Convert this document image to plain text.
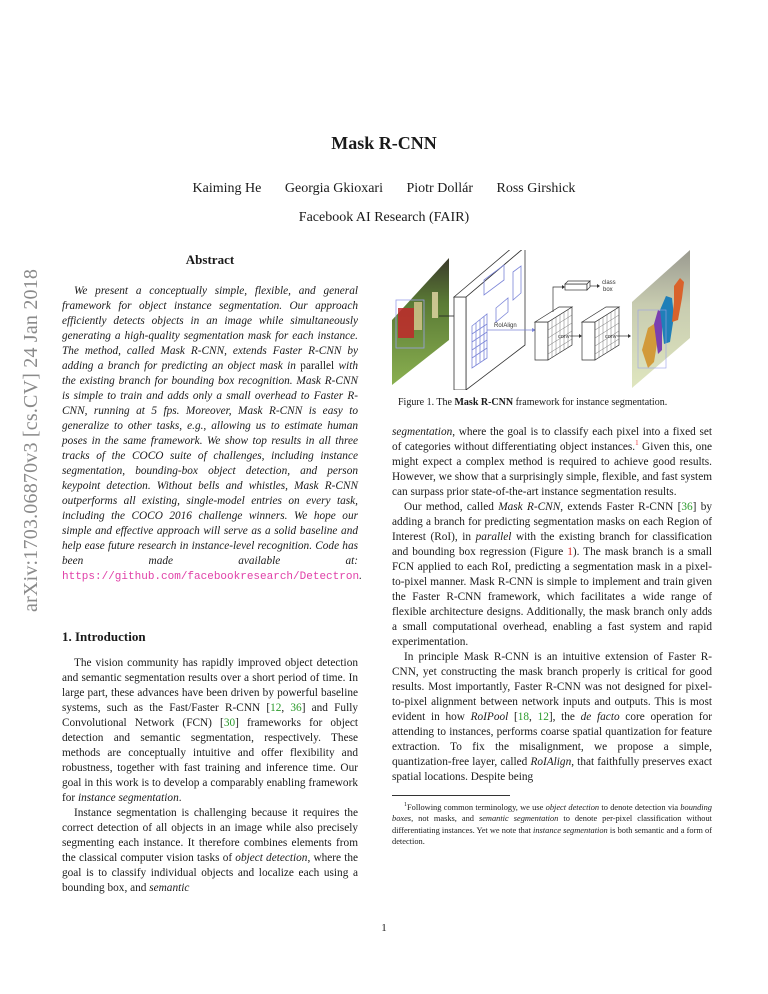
Mask R-CNN
Kaiming He Georgia Gkioxari Piotr Dollár Ross Girshick
Facebook AI Research (FAIR)
arXiv:1703.06870v3 [cs.CV] 24 Jan 2018
Abstract

We present a conceptually simple, flexible, and general framework for object instance segmentation. Our approach efficiently detects objects in an image while simultaneously generating a high-quality segmentation mask for each instance. The method, called Mask R-CNN, extends Faster R-CNN by adding a branch for predicting an object mask in parallel with the existing branch for bounding box recognition. Mask R-CNN is simple to train and adds only a small overhead to Faster R-CNN, running at 5 fps. Moreover, Mask R-CNN is easy to generalize to other tasks, e.g., allowing us to estimate human poses in the same framework. We show top results in all three tracks of the COCO suite of challenges, including instance segmentation, bounding-box object detection, and person keypoint detection. Without bells and whistles, Mask R-CNN outperforms all existing, single-model entries on every task, including the COCO 2016 challenge winners. We hope our simple and effective approach will serve as a solid baseline and help ease future research in instance-level recognition. Code has been made available at: https://github.com/facebookresearch/Detectron.

1. Introduction

The vision community has rapidly improved object detection and semantic segmentation results over a short period of time. In large part, these advances have been driven by powerful baseline systems, such as the Fast/Faster R-CNN [12, 36] and Fully Convolutional Network (FCN) [30] frameworks for object detection and semantic segmentation, respectively. These methods are conceptually intuitive and offer flexibility and robustness, together with fast training and inference time. Our goal in this work is to develop a comparably enabling framework for instance segmentation.

Instance segmentation is challenging because it requires the correct detection of all objects in an image while also precisely segmenting each instance. It therefore combines elements from the classical computer vision tasks of object detection, where the goal is to classify individual objects and localize each using a bounding box, and semantic

RoIAlign
class
box
conv	conv
Figure 1. The Mask R-CNN framework for instance segmentation.

segmentation, where the goal is to classify each pixel into a fixed set of categories without differentiating object instances.$^1$ Given this, one might expect a complex method is required to achieve good results. However, we show that a surprisingly simple, flexible, and fast system can surpass prior state-of-the-art instance segmentation results.

Our method, called Mask R-CNN, extends Faster R-CNN [36] by adding a branch for predicting segmentation masks on each Region of Interest (RoI), in parallel with the existing branch for classification and bounding box regression (Figure 1). The mask branch is a small FCN applied to each RoI, predicting a segmentation mask in a pixel-to-pixel manner. Mask R-CNN is simple to implement and train given the Faster R-CNN framework, which facilitates a wide range of flexible architecture designs. Additionally, the mask branch only adds a small computational overhead, enabling a fast system and rapid experimentation.

In principle Mask R-CNN is an intuitive extension of Faster R-CNN, yet constructing the mask branch properly is critical for good results. Most importantly, Faster R-CNN was not designed for pixel-to-pixel alignment between network inputs and outputs. This is most evident in how RoIPool [18, 12], the de facto core operation for attending to instances, performs coarse spatial quantization for feature extraction. To fix the misalignment, we propose a simple, quantization-free layer, called RoIAlign, that faithfully preserves exact spatial locations. Despite being

$^1$Following common terminology, we use object detection to denote detection via bounding boxes, not masks, and semantic segmentation to denote per-pixel classification without differentiating instances. Yet we note that instance segmentation is both semantic and a form of detection.
1
